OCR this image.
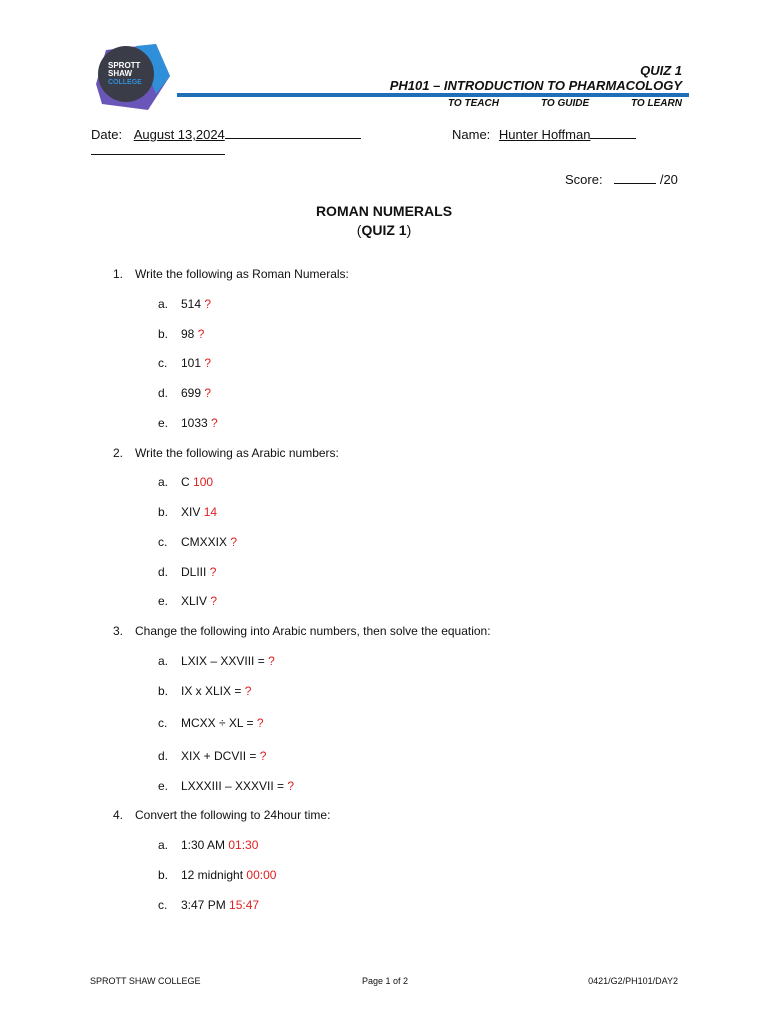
SPROTT
SHAW
COLLEGE
QUIZ 1
PH101 – INTRODUCTION TO PHARMACOLOGY
TO TEACH	TO GUIDE	TO LEARN
Date: August 13,2024	Name: Hunter Hoffman
Score:	/20
ROMAN NUMERALS
(QUIZ 1)
1. Write the following as Roman Numerals:
a. 514 ?
b. 98 ?
c. 101 ?
d. 699 ?
e. 1033 ?
2. Write the following as Arabic numbers:
a. C 100
b. XIV 14
c. CMXXIX ?
d. DLIII ?
e. XLIV ?
3. Change the following into Arabic numbers, then solve the equation:
a. LXIX – XXVIII = ?
b. IX x XLIX = ?
c. MCXX ÷ XL = ?
d. XIX + DCVII = ?
e. LXXXIII – XXXVII = ?
4. Convert the following to 24hour time:
a. 1:30 AM 01:30
b. 12 midnight 00:00
c. 3:47 PM 15:47
SPROTT SHAW COLLEGE	Page 1 of 2	0421/G2/PH101/DAY2
